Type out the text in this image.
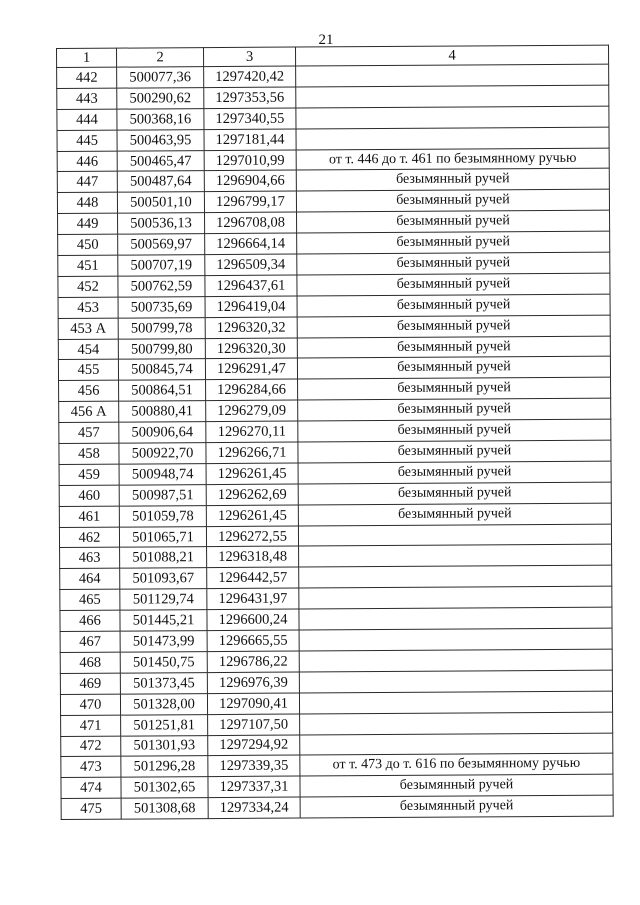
21
1	2	3	4
442	500077,36	1297420,42	
443	500290,62	1297353,56	
444	500368,16	1297340,55	
445	500463,95	1297181,44	
446	500465,47	1297010,99	от т. 446 до т. 461 по безымянному ручью
447	500487,64	1296904,66	безымянный ручей
448	500501,10	1296799,17	безымянный ручей
449	500536,13	1296708,08	безымянный ручей
450	500569,97	1296664,14	безымянный ручей
451	500707,19	1296509,34	безымянный ручей
452	500762,59	1296437,61	безымянный ручей
453	500735,69	1296419,04	безымянный ручей
453 А	500799,78	1296320,32	безымянный ручей
454	500799,80	1296320,30	безымянный ручей
455	500845,74	1296291,47	безымянный ручей
456	500864,51	1296284,66	безымянный ручей
456 А	500880,41	1296279,09	безымянный ручей
457	500906,64	1296270,11	безымянный ручей
458	500922,70	1296266,71	безымянный ручей
459	500948,74	1296261,45	безымянный ручей
460	500987,51	1296262,69	безымянный ручей
461	501059,78	1296261,45	безымянный ручей
462	501065,71	1296272,55	
463	501088,21	1296318,48	
464	501093,67	1296442,57	
465	501129,74	1296431,97	
466	501445,21	1296600,24	
467	501473,99	1296665,55	
468	501450,75	1296786,22	
469	501373,45	1296976,39	
470	501328,00	1297090,41	
471	501251,81	1297107,50	
472	501301,93	1297294,92	
473	501296,28	1297339,35	от т. 473 до т. 616 по безымянному ручью
474	501302,65	1297337,31	безымянный ручей
475	501308,68	1297334,24	безымянный ручей
